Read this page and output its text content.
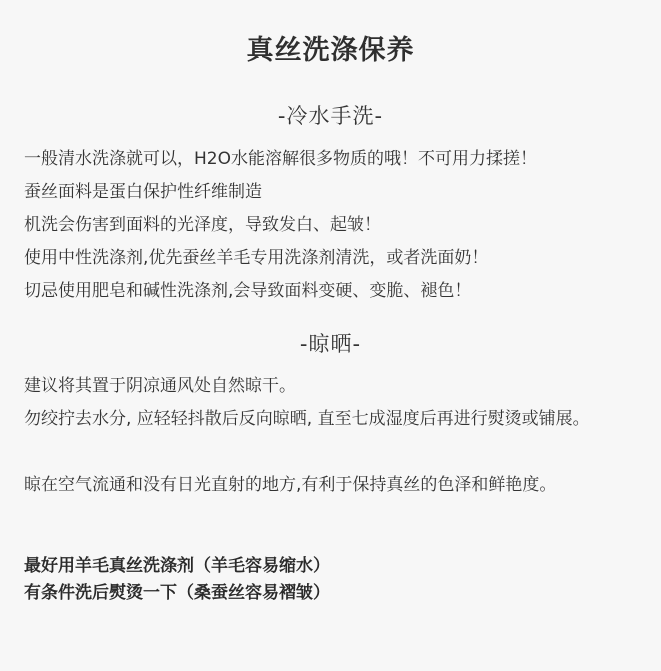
真丝洗涤保养
-冷水手洗-
一般清水洗涤就可以，H2O水能溶解很多物质的哦！不可用力揉搓！
蚕丝面料是蛋白保护性纤维制造
机洗会伤害到面料的光泽度，导致发白、起皱！
使用中性洗涤剂,优先蚕丝羊毛专用洗涤剂清洗，或者洗面奶！
切忌使用肥皂和碱性洗涤剂,会导致面料变硬、变脆、褪色！
-晾晒-
建议将其置于阴凉通风处自然晾干。
勿绞拧去水分, 应轻轻抖散后反向晾晒, 直至七成湿度后再进行熨烫或铺展。
晾在空气流通和没有日光直射的地方,有利于保持真丝的色泽和鲜艳度。
最好用羊毛真丝洗涤剂（羊毛容易缩水）
有条件洗后熨烫一下（桑蚕丝容易褶皱）
